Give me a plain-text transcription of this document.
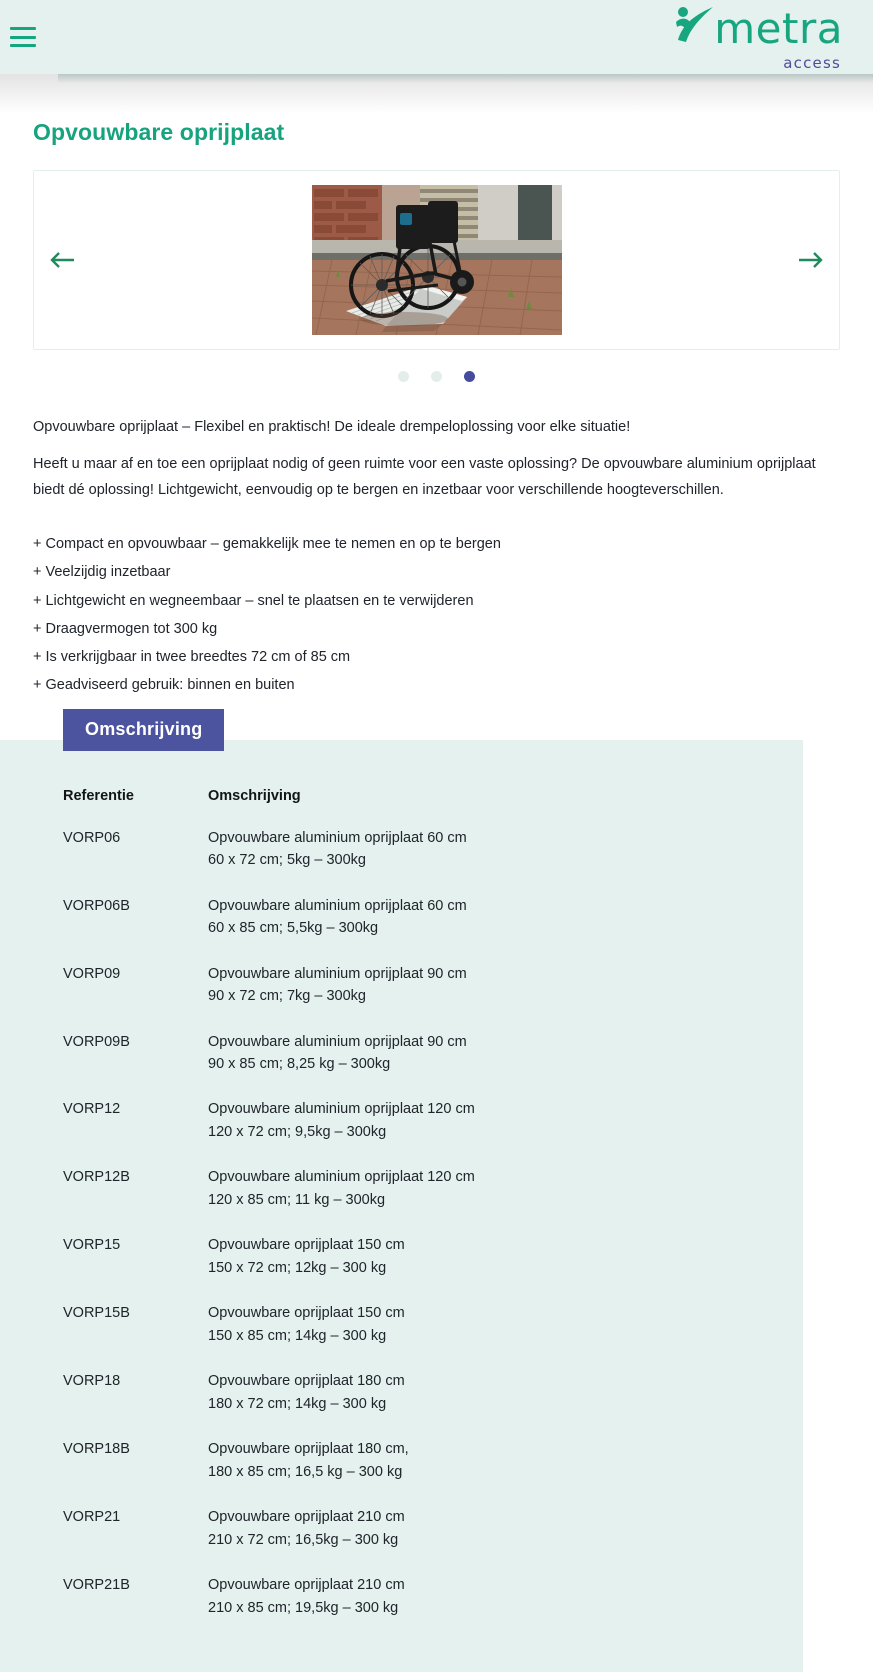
metra
access
Opvouwbare oprijplaat

Opvouwbare oprijplaat – Flexibel en praktisch! De ideale drempeloplossing voor elke situatie!

Heeft u maar af en toe een oprijplaat nodig of geen ruimte voor een vaste oplossing? De opvouwbare aluminium oprijplaat biedt dé oplossing! Lichtgewicht, eenvoudig op te bergen en inzetbaar voor verschillende hoogteverschillen.

+ Compact en opvouwbaar – gemakkelijk mee te nemen en op te bergen
+ Veelzijdig inzetbaar
+ Lichtgewicht en wegneembaar – snel te plaatsen en te verwijderen
+ Draagvermogen tot 300 kg
+ Is verkrijgbaar in twee breedtes 72 cm of 85 cm
+ Geadviseerd gebruik: binnen en buiten
Omschrijving
Referentie	Omschrijving
VORP06	Opvouwbare aluminium oprijplaat 60 cm
60 x 72 cm; 5kg – 300kg
VORP06B	Opvouwbare aluminium oprijplaat 60 cm
60 x 85 cm; 5,5kg – 300kg
VORP09	Opvouwbare aluminium oprijplaat 90 cm
90 x 72 cm; 7kg – 300kg
VORP09B	Opvouwbare aluminium oprijplaat 90 cm
90 x 85 cm; 8,25 kg – 300kg
VORP12	Opvouwbare aluminium oprijplaat 120 cm
120 x 72 cm; 9,5kg – 300kg
VORP12B	Opvouwbare aluminium oprijplaat 120 cm
120 x 85 cm; 11 kg – 300kg
VORP15	Opvouwbare oprijplaat 150 cm
150 x 72 cm; 12kg – 300 kg
VORP15B	Opvouwbare oprijplaat 150 cm
150 x 85 cm; 14kg – 300 kg
VORP18	Opvouwbare oprijplaat 180 cm
180 x 72 cm; 14kg – 300 kg
VORP18B	Opvouwbare oprijplaat 180 cm,
180 x 85 cm; 16,5 kg – 300 kg
VORP21	Opvouwbare oprijplaat 210 cm
210 x 72 cm; 16,5kg – 300 kg
VORP21B	Opvouwbare oprijplaat 210 cm
210 x 85 cm; 19,5kg – 300 kg
